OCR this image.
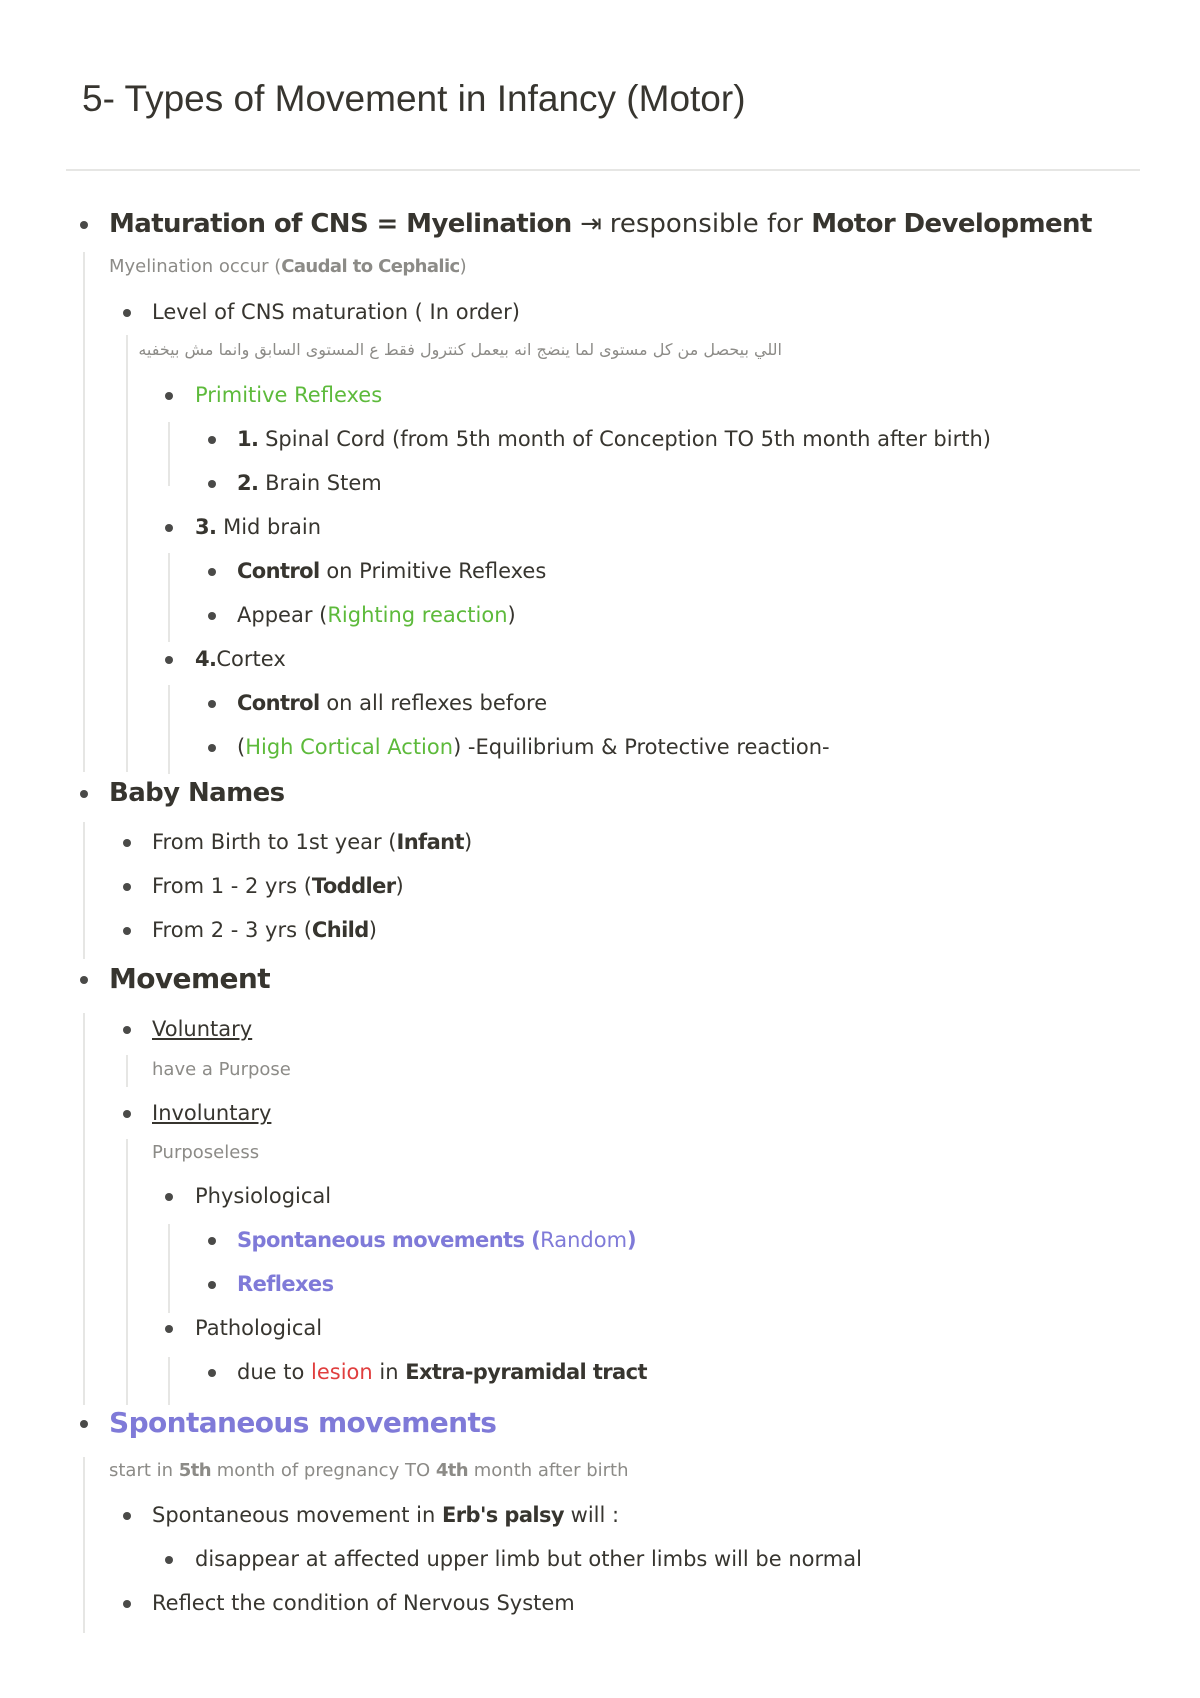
5- Types of Movement in Infancy (Motor)
Maturation of CNS = Myelination ⇥ responsible for Motor Development
Myelination occur (Caudal to Cephalic)
Level of CNS maturation ( In order)
اللي بيحصل من كل مستوى لما ينضج انه بيعمل كنترول فقط ع المستوى السابق وانما مش بيخفيه
Primitive Reflexes
1. Spinal Cord (from 5th month of Conception TO 5th month after birth)
2. Brain Stem
3. Mid brain
Control on Primitive Reflexes
Appear (Righting reaction)
4.Cortex
Control on all reflexes before
(High Cortical Action) -Equilibrium & Protective reaction-
Baby Names
From Birth to 1st year (Infant)
From 1 - 2 yrs (Toddler)
From 2 - 3 yrs (Child)
Movement
Voluntary
have a Purpose
Involuntary
Purposeless
Physiological
Spontaneous movements (Random)
Reflexes
Pathological
due to lesion in Extra-pyramidal tract
Spontaneous movements
start in 5th month of pregnancy TO 4th month after birth
Spontaneous movement in Erb's palsy will :
disappear at affected upper limb but other limbs will be normal
Reflect the condition of Nervous System
